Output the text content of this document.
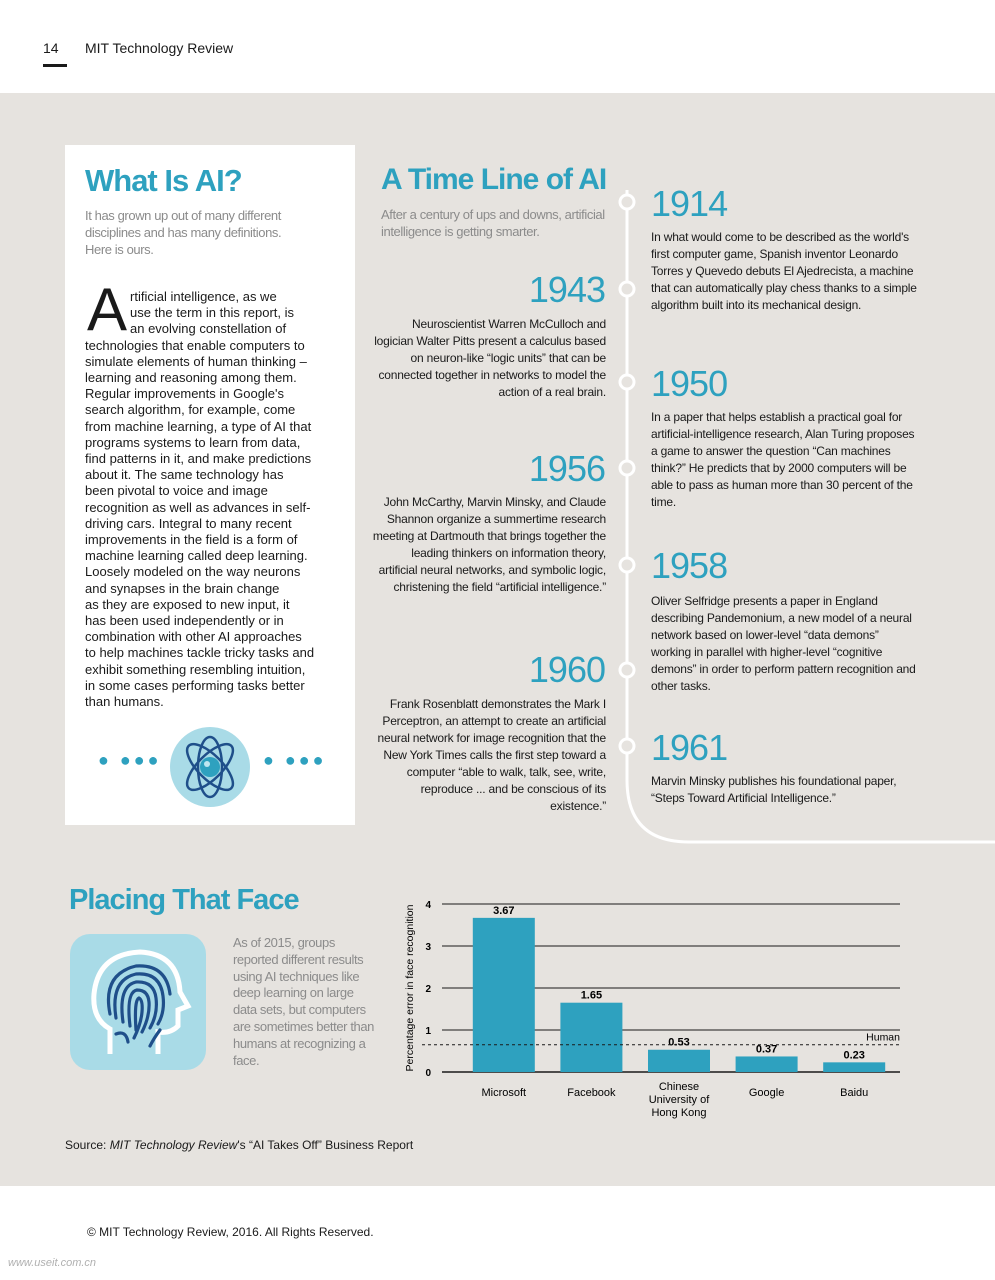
14 MIT Technology Review
What Is AI?
It has grown up out of many different disciplines and has many definitions. Here is ours.
A rtificial intelligence, as we
use the term in this report, is
an evolving constellation of
technologies that enable computers to
simulate elements of human thinking –
learning and reasoning among them.
Regular improvements in Google's
search algorithm, for example, come
from machine learning, a type of AI that
programs systems to learn from data,
find patterns in it, and make predictions
about it. The same technology has
been pivotal to voice and image
recognition as well as advances in self-
driving cars. Integral to many recent
improvements in the field is a form of
machine learning called deep learning.
Loosely modeled on the way neurons
and synapses in the brain change
as they are exposed to new input, it
has been used independently or in
combination with other AI approaches
to help machines tackle tricky tasks and
exhibit something resembling intuition,
in some cases performing tasks better
than humans.
● ●●●	● ●●●
A Time Line of AI
After a century of ups and downs, artificial intelligence is getting smarter.
1914
In what would come to be described as the world's first computer game, Spanish inventor Leonardo Torres y Quevedo debuts El Ajedrecista, a machine that can automatically play chess thanks to a simple algorithm built into its mechanical design.
1943
Neuroscientist Warren McCulloch and logician Walter Pitts present a calculus based on neuron-like “logic units” that can be connected together in networks to model the action of a real brain. 1950
In a paper that helps establish a practical goal for artificial-intelligence research, Alan Turing proposes a game to answer the question “Can machines think?” He predicts that by 2000 computers will be able to pass as human more than 30 percent of the time.
1956
John McCarthy, Marvin Minsky, and Claude Shannon organize a summertime research meeting at Dartmouth that brings together the leading thinkers on information theory, artificial neural networks, and symbolic logic, christening the field “artificial intelligence.”
1958
Oliver Selfridge presents a paper in England describing Pandemonium, a new model of a neural network based on lower-level “data demons” working in parallel with higher-level “cognitive demons” in order to perform pattern recognition and other tasks.
1960
Frank Rosenblatt demonstrates the Mark I Perceptron, an attempt to create an artificial neural network for image recognition that the New York Times calls the first step toward a computer “able to walk, talk, see, write, reproduce ... and be conscious of its existence.”
1961
Marvin Minsky publishes his foundational paper, “Steps Toward Artificial Intelligence.”
Placing That Face
As of 2015, groups reported different results using AI techniques like deep learning on large data sets, but computers are sometimes better than humans at recognizing a face.
0
1
2
3
4
Percentage error in face recognition	3.67
Microsoft
1.65
Facebook
0.53
Chinese
University of
Hong Kong
0.37
Google
0.23
Baidu
Human
Source: MIT Technology Review's “AI Takes Off” Business Report
© MIT Technology Review, 2016. All Rights Reserved.
www.useit.com.cn
